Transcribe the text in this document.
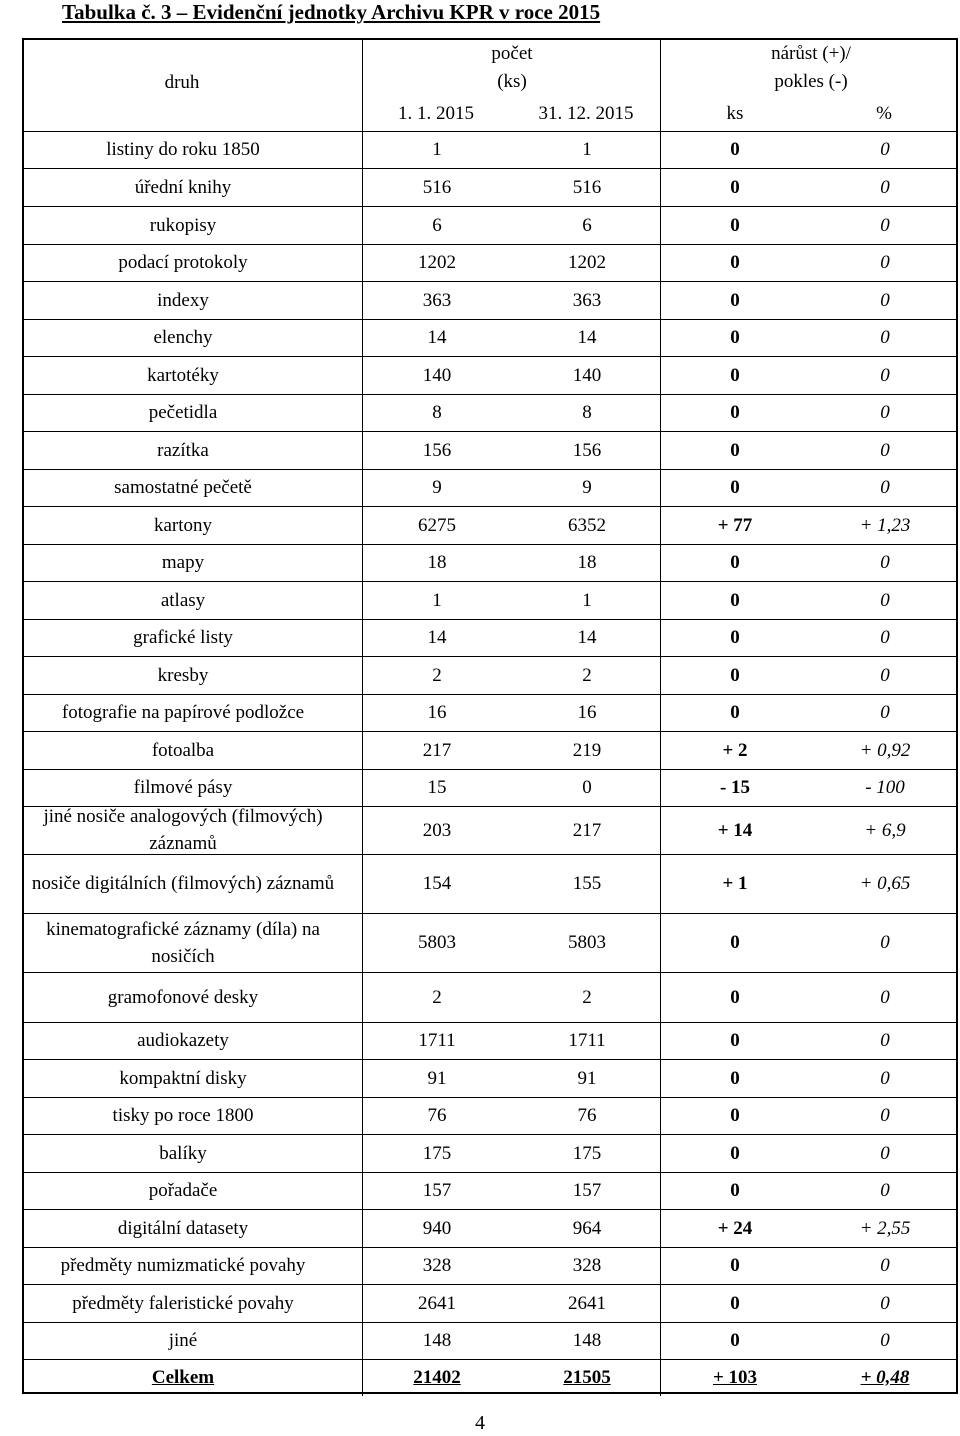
Tabulka č. 3 – Evidenční jednotky Archivu KPR v roce 2015
druh
počet
(ks)
nárůst (+)/
pokles (-)
1. 1. 2015	31. 12. 2015	ks	%
listiny do roku 1850	1	1	0	0
úřední knihy	516	516	0	0
rukopisy	6	6	0	0
podací protokoly	1202	1202	0	0
indexy	363	363	0	0
elenchy	14	14	0	0
kartotéky	140	140	0	0
pečetidla	8	8	0	0
razítka	156	156	0	0
samostatné pečetě	9	9	0	0
kartony	6275	6352	+ 77	+ 1,23
mapy	18	18	0	0
atlasy	1	1	0	0
grafické listy	14	14	0	0
kresby	2	2	0	0
fotografie na papírové podložce	16	16	0	0
fotoalba	217	219	+ 2	+ 0,92
filmové pásy	15	0	- 15	- 100
jiné nosiče analogových (filmových) záznamů
203	217	+ 14	+ 6,9
nosiče digitálních (filmových) záznamů	154	155	+ 1	+ 0,65
kinematografické záznamy (díla) na nosičích
5803	5803	0	0
gramofonové desky	2	2	0	0
audiokazety	1711	1711	0	0
kompaktní disky	91	91	0	0
tisky po roce 1800	76	76	0	0
balíky	175	175	0	0
pořadače	157	157	0	0
digitální datasety	940	964	+ 24	+ 2,55
předměty numizmatické povahy	328	328	0	0
předměty faleristické povahy	2641	2641	0	0
jiné	148	148	0	0
Celkem	21402	21505	+ 103	+ 0,48
4
